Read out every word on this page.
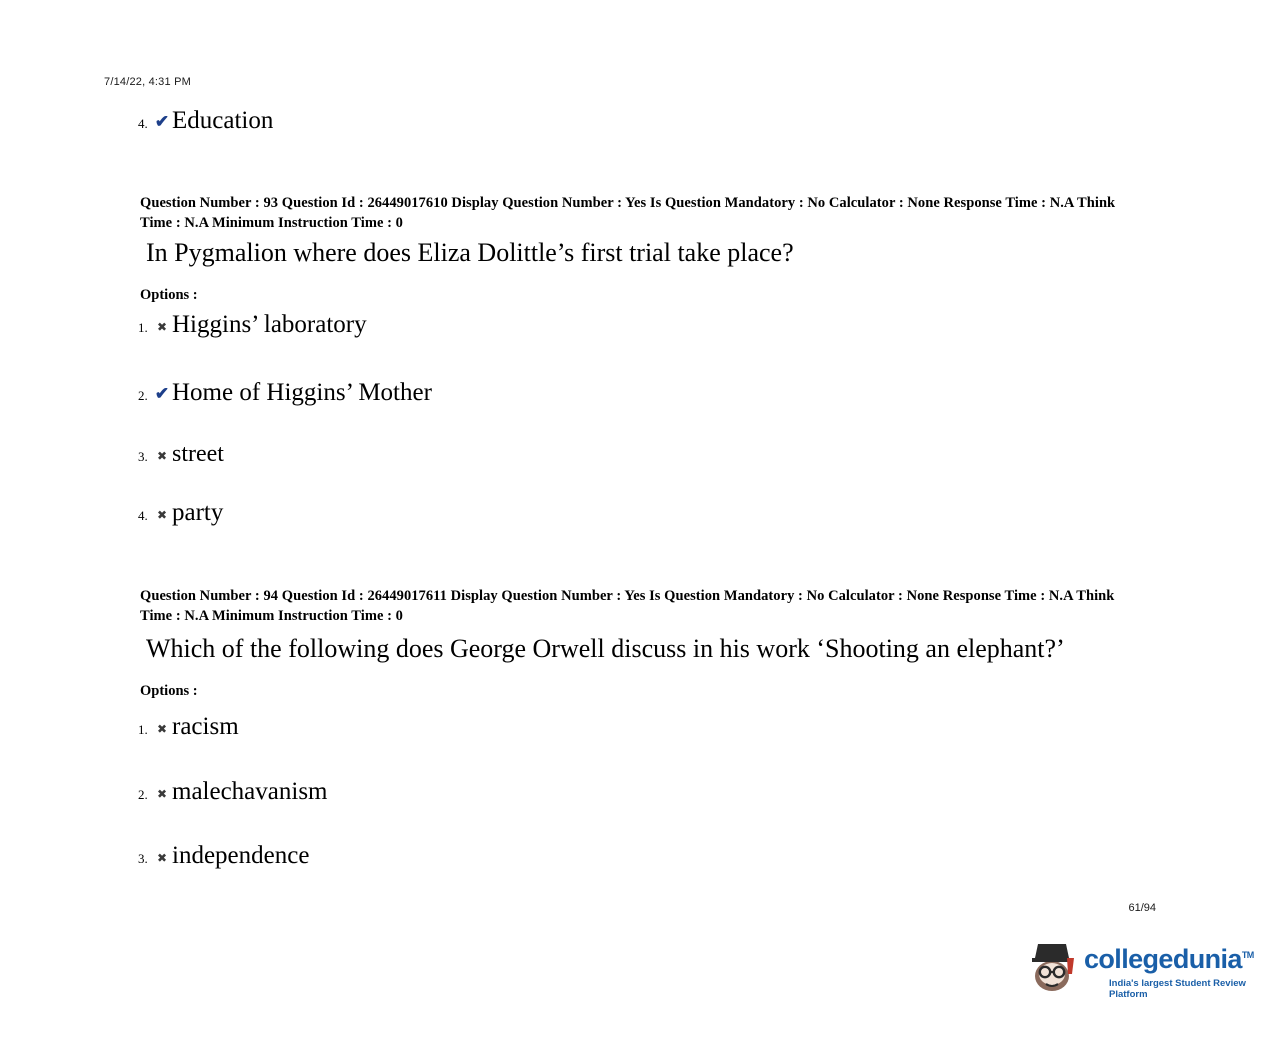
7/14/22, 4:31 PM
4. ✔ Education
Question Number : 93 Question Id : 26449017610 Display Question Number : Yes Is Question Mandatory : No Calculator : None Response Time : N.A Think Time : N.A Minimum Instruction Time : 0
In Pygmalion where does Eliza Dolittle’s first trial take place?
Options :
1. ✖ Higgins’ laboratory
2. ✔ Home of Higgins’ Mother
3. ✖ street
4. ✖ party
Question Number : 94 Question Id : 26449017611 Display Question Number : Yes Is Question Mandatory : No Calculator : None Response Time : N.A Think Time : N.A Minimum Instruction Time : 0
Which of the following does George Orwell discuss in his work ‘Shooting an elephant?’
Options :
1. ✖ racism
2. ✖ malechavanism
3. ✖ independence
61/94
collegedunia™
India's largest Student Review Platform
